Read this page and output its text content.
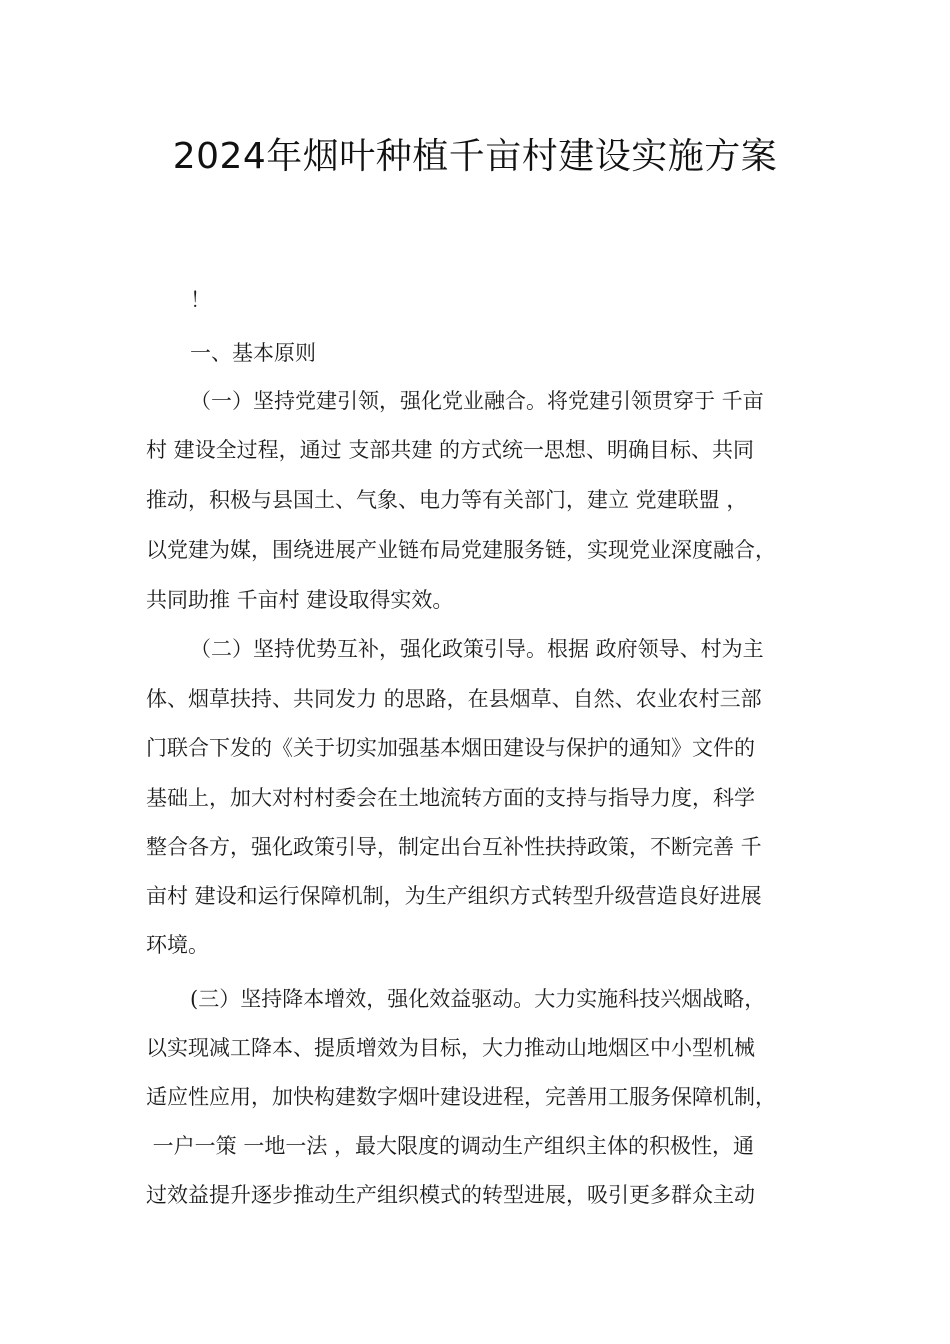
2024年烟叶种植千亩村建设实施方案
！
一、基本原则
（一）坚持党建引领，强化党业融合。将党建引领贯穿于 千亩
村 建设全过程，通过 支部共建 的方式统一思想、明确目标、共同
推动，积极与县国土、气象、电力等有关部门，建立 党建联盟 ，
以党建为媒，围绕进展产业链布局党建服务链，实现党业深度融合，
共同助推 千亩村 建设取得实效。
（二）坚持优势互补，强化政策引导。根据 政府领导、村为主
体、烟草扶持、共同发力 的思路，在县烟草、自然、农业农村三部
门联合下发的《关于切实加强基本烟田建设与保护的通知》文件的
基础上，加大对村村委会在土地流转方面的支持与指导力度，科学
整合各方，强化政策引导，制定出台互补性扶持政策，不断完善 千
亩村 建设和运行保障机制，为生产组织方式转型升级营造良好进展
环境。
(三）坚持降本增效，强化效益驱动。大力实施科技兴烟战略，
以实现减工降本、提质增效为目标，大力推动山地烟区中小型机械
适应性应用，加快构建数字烟叶建设进程，完善用工服务保障机制，
一户一策 一地一法 ，最大限度的调动生产组织主体的积极性，通
过效益提升逐步推动生产组织模式的转型进展，吸引更多群众主动
